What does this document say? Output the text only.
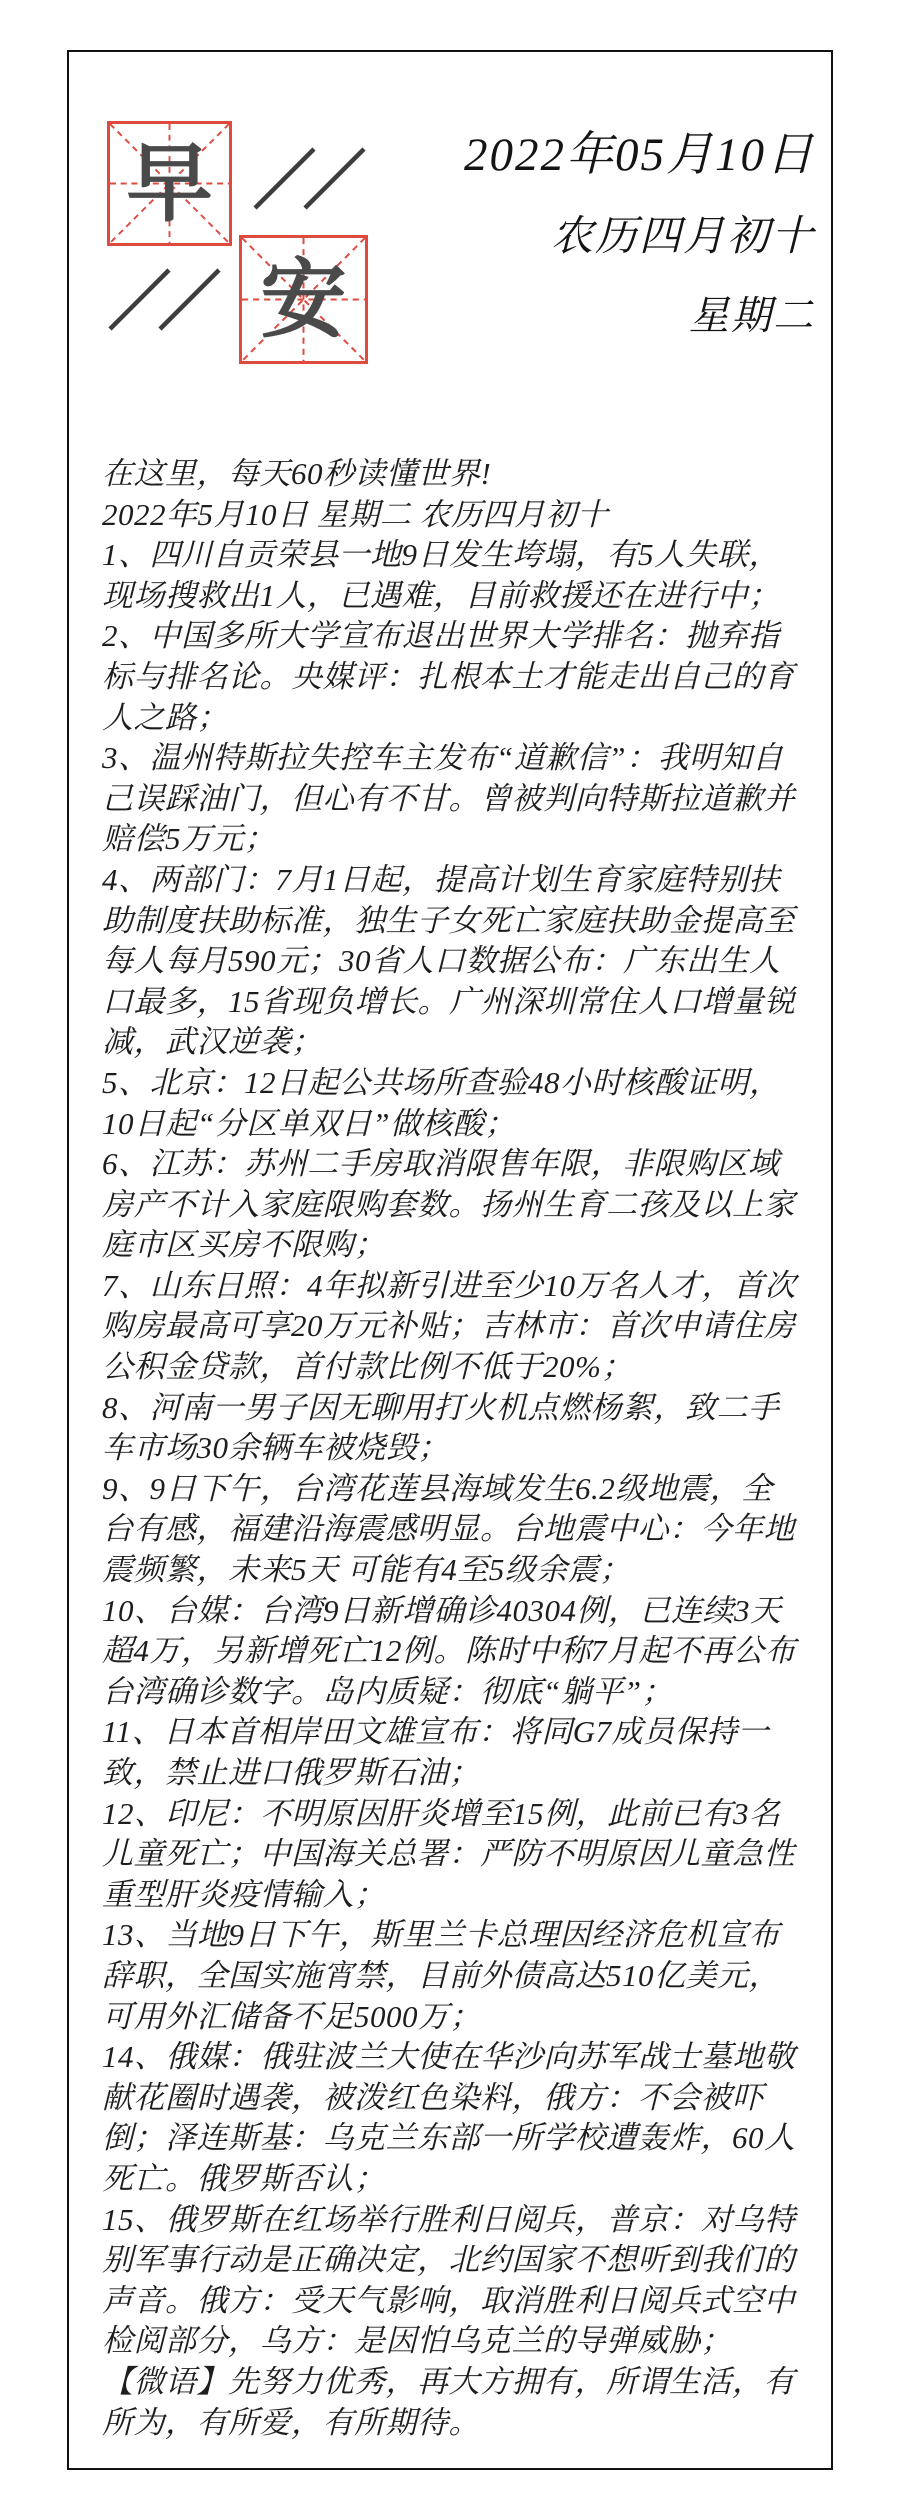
早
安
2022年05月10日
农历四月初十
星期二

在这里，每天60秒读懂世界!

2022年5月10日 星期二 农历四月初十

1、四川自贡荣县一地9日发生垮塌，有5人失联，现场搜救出1人，已遇难，目前救援还在进行中；

2、中国多所大学宣布退出世界大学排名：抛弃指标与排名论。央媒评：扎根本土才能走出自己的育人之路；

3、温州特斯拉失控车主发布“道歉信”：我明知自己误踩油门，但心有不甘。曾被判向特斯拉道歉并赔偿5万元；

4、两部门：7月1日起，提高计划生育家庭特别扶助制度扶助标准，独生子女死亡家庭扶助金提高至每人每月590元；30省人口数据公布：广东出生人口最多，15省现负增长。广州深圳常住人口增量锐减，武汉逆袭；

5、北京：12日起公共场所查验48小时核酸证明，10日起“分区单双日”做核酸；

6、江苏：苏州二手房取消限售年限，非限购区域房产不计入家庭限购套数。扬州生育二孩及以上家庭市区买房不限购；

7、山东日照：4年拟新引进至少10万名人才，首次购房最高可享20万元补贴；吉林市：首次申请住房公积金贷款，首付款比例不低于20%；

8、河南一男子因无聊用打火机点燃杨絮，致二手车市场30余辆车被烧毁；

9、9日下午，台湾花莲县海域发生6.2级地震，全台有感，福建沿海震感明显。台地震中心：今年地震频繁，未来5天 可能有4至5级余震；

10、台媒：台湾9日新增确诊40304例，已连续3天超4万，另新增死亡12例。陈时中称7月起不再公布台湾确诊数字。岛内质疑：彻底“躺平”；

11、日本首相岸田文雄宣布：将同G7成员保持一致，禁止进口俄罗斯石油；

12、印尼：不明原因肝炎增至15例，此前已有3名儿童死亡；中国海关总署：严防不明原因儿童急性重型肝炎疫情输入；

13、当地9日下午，斯里兰卡总理因经济危机宣布辞职，全国实施宵禁，目前外债高达510亿美元，可用外汇储备不足5000万；

14、俄媒：俄驻波兰大使在华沙向苏军战士墓地敬献花圈时遇袭，被泼红色染料，俄方：不会被吓倒；泽连斯基：乌克兰东部一所学校遭轰炸，60人死亡。俄罗斯否认；

15、俄罗斯在红场举行胜利日阅兵，普京：对乌特别军事行动是正确决定，北约国家不想听到我们的声音。俄方：受天气影响，取消胜利日阅兵式空中检阅部分，乌方：是因怕乌克兰的导弹威胁；

【微语】先努力优秀，再大方拥有，所谓生活，有所为，有所爱，有所期待。
